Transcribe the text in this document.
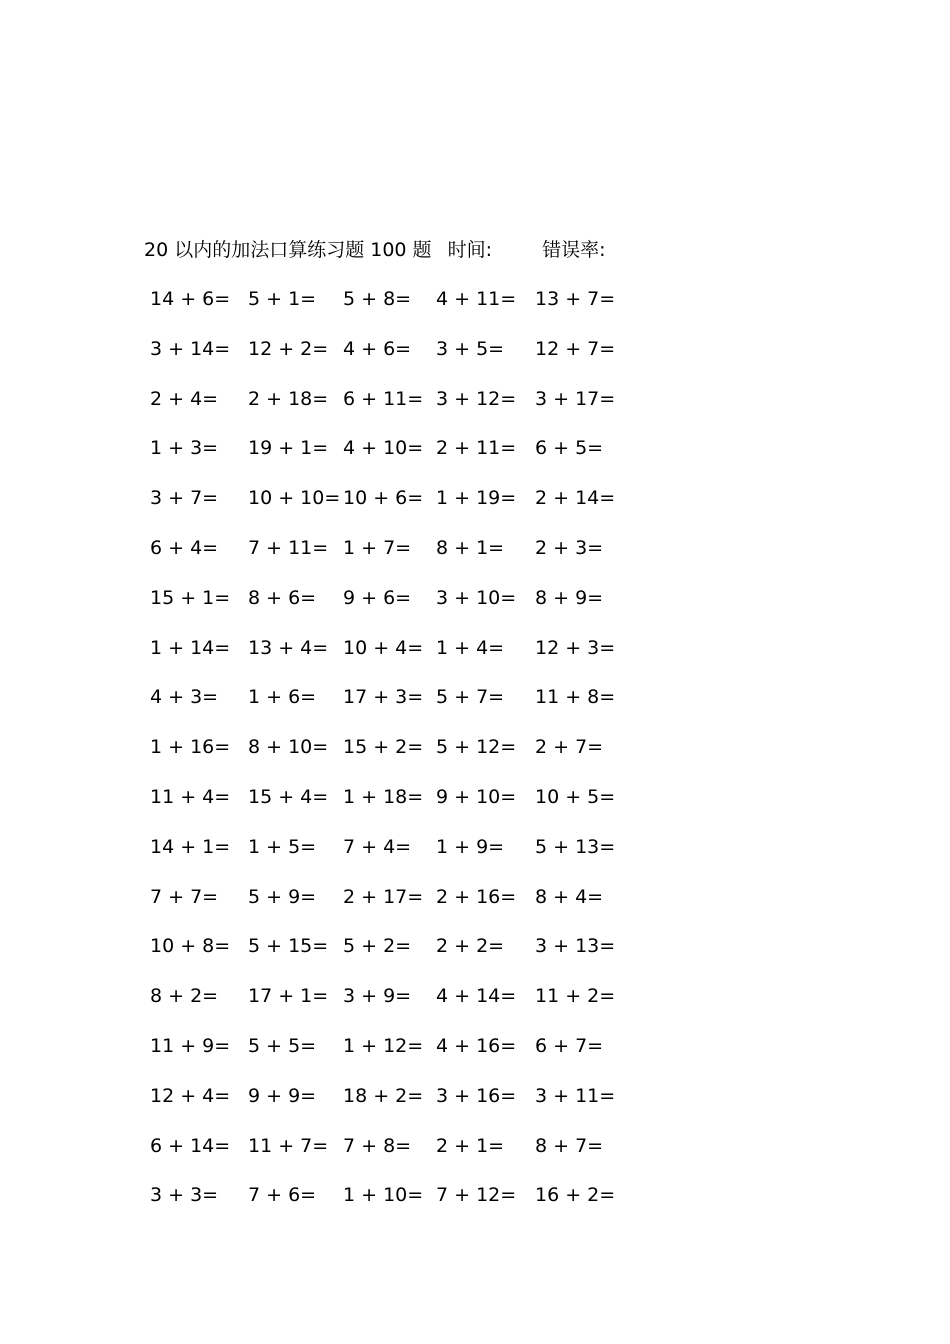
20 以内的加法口算练习题 100 题 时间:	错误率:
14 + 6= 5 + 1= 5 + 8= 4 + 11= 13 + 7=
3 + 14= 12 + 2= 4 + 6= 3 + 5= 12 + 7=
2 + 4= 2 + 18= 6 + 11= 3 + 12= 3 + 17=
1 + 3= 19 + 1= 4 + 10= 2 + 11= 6 + 5=
3 + 7= 10 + 10= 10 + 6= 1 + 19= 2 + 14=
6 + 4= 7 + 11= 1 + 7= 8 + 1= 2 + 3=
15 + 1= 8 + 6= 9 + 6= 3 + 10= 8 + 9=
1 + 14= 13 + 4= 10 + 4= 1 + 4= 12 + 3=
4 + 3= 1 + 6= 17 + 3= 5 + 7= 11 + 8=
1 + 16= 8 + 10= 15 + 2= 5 + 12= 2 + 7=
11 + 4= 15 + 4= 1 + 18= 9 + 10= 10 + 5=
14 + 1= 1 + 5= 7 + 4= 1 + 9= 5 + 13=
7 + 7= 5 + 9= 2 + 17= 2 + 16= 8 + 4=
10 + 8= 5 + 15= 5 + 2= 2 + 2= 3 + 13=
8 + 2= 17 + 1= 3 + 9= 4 + 14= 11 + 2=
11 + 9= 5 + 5= 1 + 12= 4 + 16= 6 + 7=
12 + 4= 9 + 9= 18 + 2= 3 + 16= 3 + 11=
6 + 14= 11 + 7= 7 + 8= 2 + 1= 8 + 7=
3 + 3= 7 + 6= 1 + 10= 7 + 12= 16 + 2=
